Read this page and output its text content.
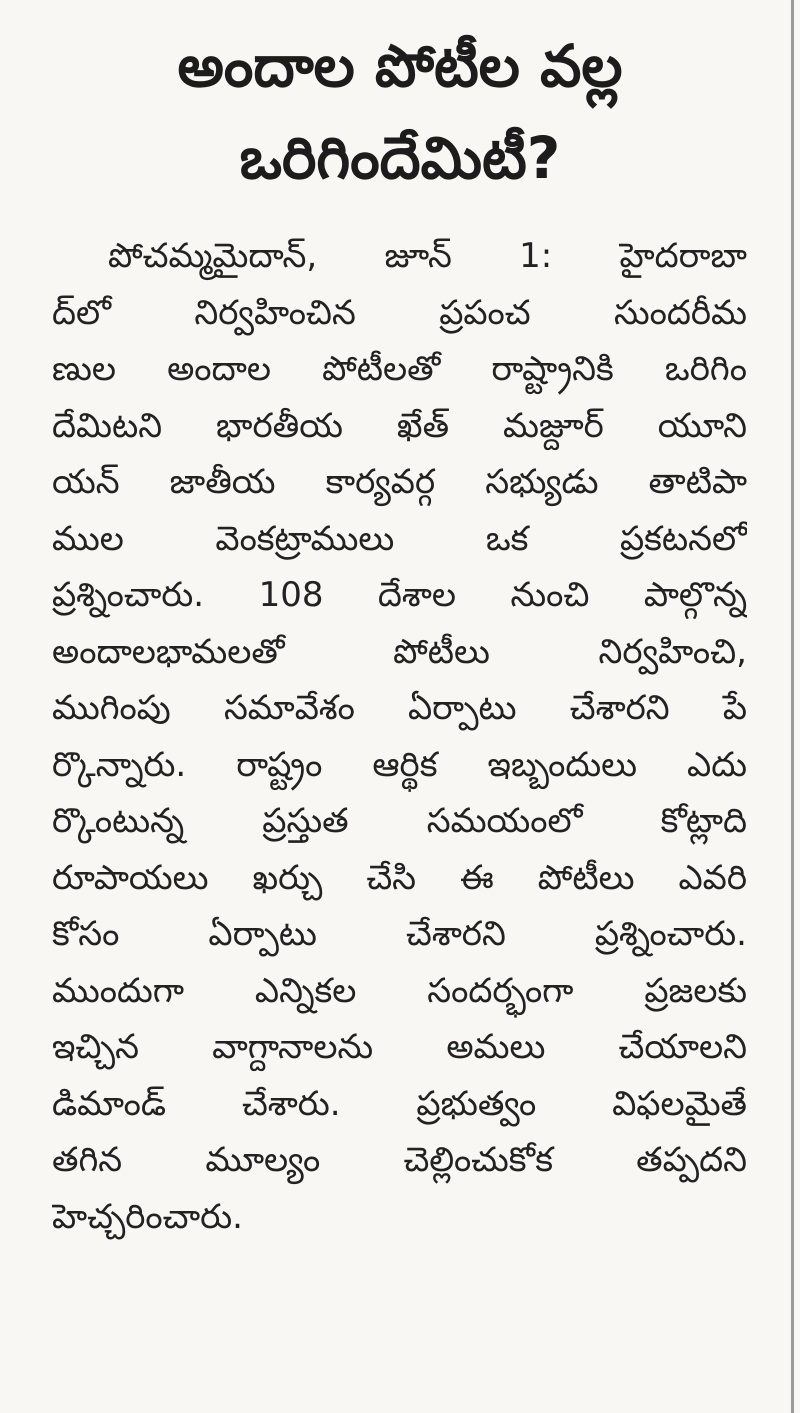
అందాల పోటీల వల్ల
ఒరిగిందేమిటీ?
పోచమ్మమైదాన్, జూన్ 1: హైదరాబా
ద్‌లో నిర్వహించిన ప్రపంచ సుందరీమ
ణుల అందాల పోటీలతో రాష్ట్రానికి ఒరిగిం
దేమిటని భారతీయ ఖేత్ మజ్దూర్ యూని
యన్ జాతీయ కార్యవర్గ సభ్యుడు తాటిపా
ముల వెంకట్రాములు ఒక ప్రకటనలో
ప్రశ్నించారు. 108 దేశాల నుంచి పాల్గొన్న
అందాలభామలతో పోటీలు నిర్వహించి,
ముగింపు సమావేశం ఏర్పాటు చేశారని పే
ర్కొన్నారు. రాష్ట్రం ఆర్థిక ఇబ్బందులు ఎదు
ర్కొంటున్న ప్రస్తుత సమయంలో కోట్లాది
రూపాయలు ఖర్చు చేసి ఈ పోటీలు ఎవరి
కోసం ఏర్పాటు చేశారని ప్రశ్నించారు.
ముందుగా ఎన్నికల సందర్భంగా ప్రజలకు
ఇచ్చిన వాగ్దానాలను అమలు చేయాలని
డిమాండ్ చేశారు. ప్రభుత్వం విఫలమైతే
తగిన మూల్యం చెల్లించుకోక తప్పదని
హెచ్చరించారు.
